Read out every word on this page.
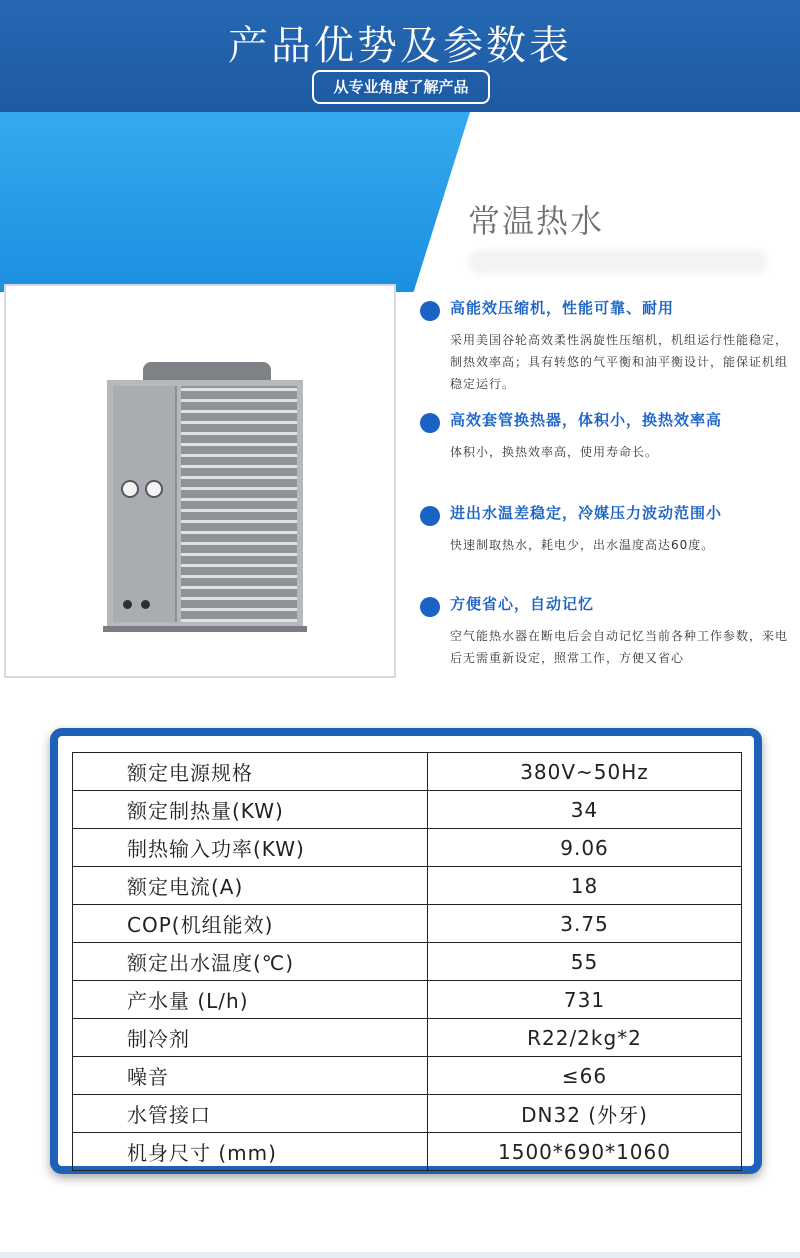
产品优势及参数表
从专业角度了解产品
常温热水
高能效压缩机，性能可靠、耐用
采用美国谷轮高效柔性涡旋性压缩机，机组运行性能稳定，制热效率高；具有转悠的气平衡和油平衡设计，能保证机组稳定运行。
高效套管换热器，体积小，换热效率高
体积小，换热效率高，使用寿命长。
进出水温差稳定，冷媒压力波动范围小
快速制取热水，耗电少，出水温度高达60度。
方便省心，自动记忆
空气能热水器在断电后会自动记忆当前各种工作参数，来电后无需重新设定，照常工作，方便又省心
额定电源规格	380V~50Hz
额定制热量(KW)	34
制热输入功率(KW)	9.06
额定电流(A)	18
COP(机组能效)	3.75
额定出水温度(℃)	55
产水量 (L/h)	731
制冷剂	R22/2kg*2
噪音	≤66
水管接口	DN32 (外牙)
机身尺寸 (mm)	1500*690*1060
